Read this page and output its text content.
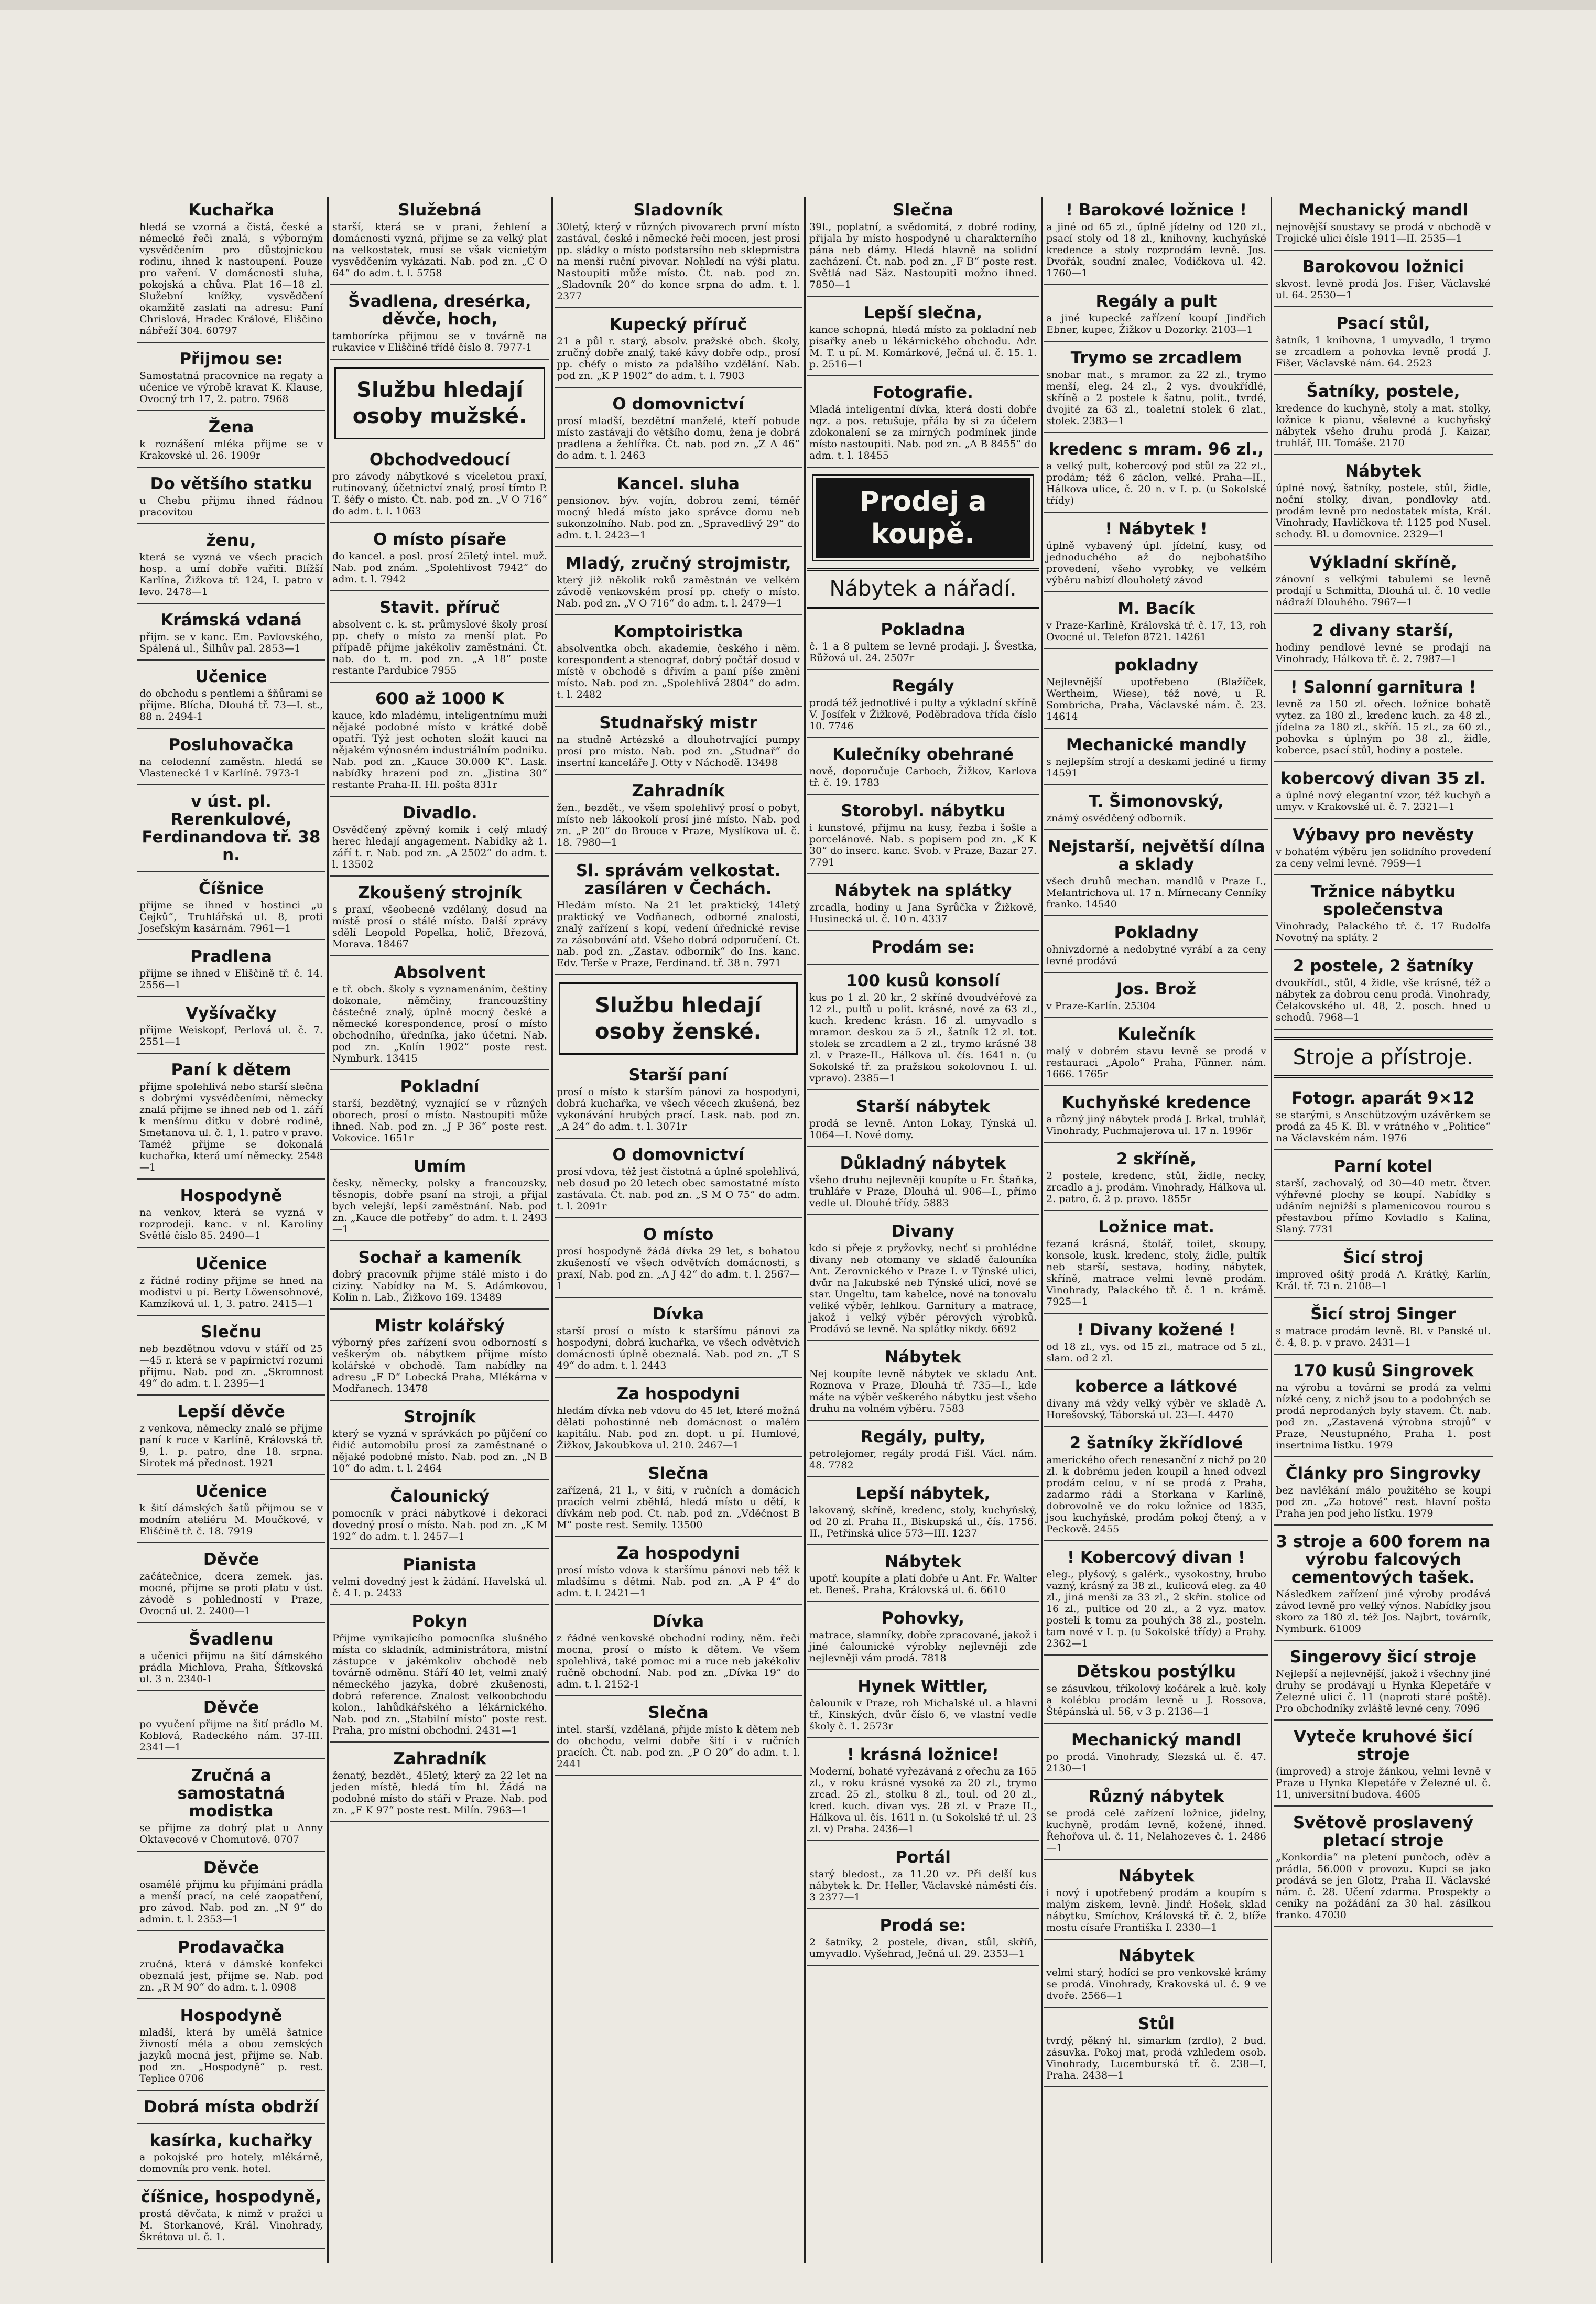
Kuchařka

hledá se vzorná a čistá, české a německé řeči znalá, s výborným vysvědčením pro důstojnickou rodinu, ihned k nastoupení. Pouze pro vaření. V domácnosti sluha, pokojská a chůva. Plat 16—18 zl. Služební knížky, vysvědčení okamžitě zaslati na adresu: Paní Chrislová, Hradec Králové, Eliščino nábřeží 304. 60797

Přijmou se:

Samostatná pracovnice na regaty a učenice ve výrobě kravat K. Klause, Ovocný trh 17, 2. patro. 7968

Žena

k roznášení mléka přijme se v Krakovské ul. 26. 1909r

Do většího statku

u Chebu přijmu ihned řádnou pracovitou

ženu,

která se vyzná ve všech pracích hosp. a umí dobře vařiti. Blížší Karlína, Žižkova tř. 124, I. patro v levo. 2478—1

Krámská vdaná

přijm. se v kanc. Em. Pavlovského, Spálená ul., Šilhův pal. 2853—1

Učenice

do obchodu s pentlemi a šňůrami se přijme. Blícha, Dlouhá tř. 73—I. st., 88 n. 2494-1

Posluhovačka

na celodenní zaměstn. hledá se Vlastenecké 1 v Karlíně. 7973-1

v úst. pl. Rerenkulové, Ferdinandova tř. 38 n.
Číšnice

přijme se ihned v hostinci „u Čejků“, Truhlářská ul. 8, proti Josefským kasárnám. 7961—1

Pradlena

přijme se ihned v Eliščině tř. č. 14. 2556—1

Vyšívačky

přijme Weiskopf, Perlová ul. č. 7. 2551—1

Paní k dětem

přijme spolehlivá nebo starší slečna s dobrými vysvědčeními, německy znalá přijme se ihned neb od 1. září k menšímu dítku v dobré rodině, Smetanova ul. č. 1, 1. patro v pravo. Taméž přijme se dokonalá kuchařka, která umí německy. 2548—1

Hospodyně

na venkov, která se vyzná v rozprodeji. kanc. v nl. Karoliny Světlé číslo 85. 2490—1

Učenice

z řádné rodiny přijme se hned na modistvi u pí. Berty Löwensohnové, Kamzíková ul. 1, 3. patro. 2415—1

Slečnu

neb bezdětnou vdovu v stáří od 25—45 r. která se v papírnictví rozumí přijmu. Nab. pod zn. „Skromnost 49“ do adm. t. l. 2395—1

Lepší děvče

z venkova, německy znalé se přijme paní k ruce v Karlíně, Královská tř. 9, 1. p. patro, dne 18. srpna. Sirotek má přednost. 1921

Učenice

k šití dámských šatů přijmou se v modním ateliéru M. Moučkové, v Eliščině tř. č. 18. 7919

Děvče

začátečnice, dcera zemek. jas. mocné, přijme se proti platu v úst. závodě s pohledností v Praze, Ovocná ul. 2. 2400—1

Švadlenu

a učenici přijmu na šití dámského prádla Michlova, Praha, Šítkovská ul. 3 n. 2340-1

Děvče

po vyučení přijme na šití prádlo M. Koblová, Radeckého nám. 37-III. 2341—1

Zručná a samostatná modistka

se přijme za dobrý plat u Anny Oktavecové v Chomutově. 0707

Děvče

osamělé přijmu ku přijímání prádla a menší prací, na celé zaopatření, pro závod. Nab. pod zn. „N 9“ do admin. t. l. 2353—1

Prodavačka

zručná, která v dámské konfekci obeznalá jest, přijme se. Nab. pod zn. „R M 90“ do adm. t. l. 0908

Hospodyně

mladší, která by umělá šatnice živností méla a obou zemských jazyků mocná jest, přijme se. Nab. pod zn. „Hospodyně“ p. rest. Teplice 0706

Dobrá místa obdrží
kasírka, kuchařky

a pokojské pro hotely, mlékárně, domovník pro venk. hotel.

číšnice, hospodyně,

prostá děvčata, k nimž v pražci u M. Storkanové, Král. Vinohrady, Škrétova ul. č. 1.

Služebná

starší, která se v prani, žehlení a domácnosti vyzná, přijme se za velký plat na velkostatek, musí se však vicnietým vysvědčením vykázati. Nab. pod zn. „C O 64“ do adm. t. l. 5758

Švadlena, dresérka, děvče, hoch,

tamborírka přijmou se v továrně na rukavice v Eliščině třídě číslo 8. 7977-1

Službu hledají osoby mužské.
Obchodvedoucí

pro závody nábytkové s víceletou praxí, rutinovaný, účetnictví znalý, prosí tímto P. T. šéfy o místo. Čt. nab. pod zn. „V O 716“ do adm. t. l. 1063

O místo písaře

do kancel. a posl. prosí 25letý intel. muž. Nab. pod znám. „Spolehlivost 7942“ do adm. t. l. 7942

Stavit. příruč

absolvent c. k. st. průmyslové školy prosí pp. chefy o místo za menší plat. Po případě přijme jakékoliv zaměstnání. Čt. nab. do t. m. pod zn. „A 18“ poste restante Pardubice 7955

600 až 1000 K

kauce, kdo mladému, inteligentnímu muži nějaké podobné místo v krátké době opatří. Týž jest ochoten složit kauci na nějakém výnosném industriálním podniku. Nab. pod zn. „Kauce 30.000 K“. Lask. nabídky hrazení pod zn. „Jistina 30“ restante Praha-II. Hl. pošta 831r

Divadlo.

Osvědčený zpěvný komik i celý mladý herec hledají angagement. Nabídky až 1. září t. r. Nab. pod zn. „A 2502“ do adm. t. l. 13502

Zkoušený strojník

s praxí, všeobecně vzdělaný, dosud na místě prosí o stálé místo. Další zprávy sdělí Leopold Popelka, holič, Březová, Morava. 18467

Absolvent

e tř. obch. školy s vyznamenáním, češtiny dokonale, němčiny, francouzštiny částečně znalý, úplně mocný české a německé korespondence, prosí o místo obchodního, úředníka, jako účetní. Nab. pod zn. „Kolín 1902“ poste rest. Nymburk. 13415

Pokladní

starší, bezdětný, vyznající se v různých oborech, prosí o místo. Nastoupiti může ihned. Nab. pod zn. „J P 36“ poste rest. Vokovice. 1651r

Umím

česky, německy, polsky a francouzsky, těsnopis, dobře psaní na stroji, a přijal bych velejší, lepší zaměstnání. Nab. pod zn. „Kauce dle potřeby“ do adm. t. l. 2493—1

Sochař a kameník

dobrý pracovník přijme stálé místo i do ciziny. Nabídky na M. S. Adámkovou, Kolín n. Lab., Žižkovo 169. 13489

Mistr kolářský

výborný přes zařízení svou odborností s veškerým ob. nábytkem přijme místo kolářské v obchodě. Tam nabídky na adresu „F D“ Lobecká Praha, Mlékárna v Modřanech. 13478

Strojník

který se vyzná v správkách po půjčení co řidič automobilu prosí za zaměstnané o nějaké podobné místo. Nab. pod zn. „N B 10“ do adm. t. l. 2464

Čalounický

pomocník v práci nábytkové i dekoraci dovedný prosí o místo. Nab. pod zn. „K M 192“ do adm. t. l. 2457—1

Pianista

velmi dovedný jest k žádání. Havelská ul. č. 4 I. p. 2433

Pokyn

Přijme vynikajícího pomocníka slušného místa co skladník, administrátora, mistní zástupce v jakémkoliv obchodě neb továrně odměnu. Stáří 40 let, velmi znalý německého jazyka, dobré zkušenosti, dobrá reference. Znalost velkoobchodu kolon., lahůdkářského a lékárnického. Nab. pod zn. „Stabilní místo“ poste rest. Praha, pro místní obchodní. 2431—1

Zahradník

ženatý, bezdět., 45letý, který za 22 let na jeden místě, hledá tím hl. Žádá na podobné místo do stáří v Praze. Nab. pod zn. „F K 97“ poste rest. Milín. 7963—1

Sladovník

30letý, který v různých pivovarech první místo zastával, české i německé řeči mocen, jest prosí pp. sládky o místo podstarsího neb sklepmistra na menší ruční pivovar. Nohledí na výši platu. Nastoupiti může místo. Čt. nab. pod zn. „Sladovník 20“ do konce srpna do adm. t. l. 2377

Kupecký příruč

21 a půl r. starý, absolv. pražské obch. školy, zručný dobře znalý, také kávy dobře odp., prosí pp. chéfy o místo za pdalšího vzdělání. Nab. pod zn. „K P 1902“ do adm. t. l. 7903

O domovnictví

prosí mladší, bezdětní manželé, kteří pobude místo zastávají do většího domu, žena je dobrá pradlena a žehlířka. Čt. nab. pod zn. „Z A 46“ do adm. t. l. 2463

Kancel. sluha

pensionov. býv. vojín, dobrou zemí, téměř mocný hledá místo jako správce domu neb sukonzolního. Nab. pod zn. „Spravedlivý 29“ do adm. t. l. 2423—1

Mladý, zručný strojmistr,

který již několik roků zaměstnán ve velkém závodě venkovském prosí pp. chefy o místo. Nab. pod zn. „V O 716“ do adm. t. l. 2479—1

Komptoiristka

absolventka obch. akademie, českého i něm. korespondent a stenograf, dobrý počtář dosud v místě v obchodě s dřivím a paní píše změní místo. Nab. pod zn. „Spolehlivá 2804“ do adm. t. l. 2482

Studnařský mistr

na studně Artézské a dlouhotrvající pumpy prosí pro místo. Nab. pod zn. „Studnař“ do insertní kanceláře J. Otty v Náchodě. 13498

Zahradník

žen., bezdět., ve všem spolehlivý prosí o pobyt, místo neb lákookolí prosí jiné místo. Nab. pod zn. „P 20“ do Brouce v Praze, Myslíkova ul. č. 18. 7980—1

Sl. správám velkostat. zasíláren v Čechách.

Hledám místo. Na 21 let praktický, 14letý praktický ve Vodňanech, odborné znalosti, znalý zařízení s kopí, vedení úřednické revise za zásobování atd. Všeho dobrá odporučení. Ct. nab. pod zn. „Zastav. odborník“ do Ins. kanc. Edv. Terše v Praze, Ferdinand. tř. 38 n. 7971

Službu hledají osoby ženské.
Starší paní

prosí o místo k starším pánovi za hospodyni, dobrá kuchařka, ve všech věcech zkušená, bez vykonávání hrubých prací. Lask. nab. pod zn. „A 24“ do adm. t. l. 3071r

O domovnictví

prosí vdova, též jest čistotná a úplně spolehlivá, neb dosud po 20 letech obec samostatné místo zastávala. Čt. nab. pod zn. „S M O 75“ do adm. t. l. 2091r

O místo

prosí hospodyně žádá dívka 29 let, s bohatou zkušeností ve všech odvětvích domácnosti, s praxí, Nab. pod zn. „A J 42“ do adm. t. l. 2567—1

Dívka

starší prosí o místo k staršímu pánovi za hospodyni, dobrá kuchařka, ve všech odvětvích domácnosti úplně obeznalá. Nab. pod zn. „T S 49“ do adm. t. l. 2443

Za hospodyni

hledám dívka neb vdovu do 45 let, které možná dělati pohostinné neb domácnost o malém kapitálu. Nab. pod zn. dopt. u pí. Humlové, Žižkov, Jakoubkova ul. 210. 2467—1

Slečna

zařízená, 21 l., v šití, v ručních a domácích pracích velmi zběhlá, hledá místo u dětí, k dívkám neb pod. Ct. nab. pod zn. „Vděčnost B M“ poste rest. Semily. 13500

Za hospodyni

prosí místo vdova k staršímu pánovi neb též k mladšímu s dětmi. Nab. pod zn. „A P 4“ do adm. t. l. 2421—1

Dívka

z řádné venkovské obchodní rodiny, něm. řeči mocna, prosí o místo k dětem. Ve všem spolehlivá, také pomoc mi a ruce neb jakékoliv ručně obchodní. Nab. pod zn. „Dívka 19“ do adm. t. l. 2152-1

Slečna

intel. starší, vzdělaná, přijde místo k dětem neb do obchodu, velmi dobře šití i v ručních pracích. Čt. nab. pod zn. „P O 20“ do adm. t. l. 2441

Slečna

39l., poplatní, a svědomitá, z dobré rodiny, přijala by místo hospodyně u charakterního pána neb dámy. Hledá hlavně na solidní zacházení. Čt. nab. pod zn. „F B“ poste rest. Světlá nad Säz. Nastoupiti možno ihned. 7850—1

Lepší slečna,

kance schopná, hledá místo za pokladní neb písařky aneb u lékárnického obchodu. Adr. M. T. u pí. M. Komárkové, Ječná ul. č. 15. 1. p. 2516—1

Fotografie.

Mladá inteligentní dívka, která dosti dobře ngz. a pos. retušuje, přála by si za účelem zdokonalení se za mírných podmínek jinde místo nastoupiti. Nab. pod zn. „A B 8455“ do adm. t. l. 18455

Prodej a koupě.
Nábytek a nářadí.
Pokladna

č. 1 a 8 pultem se levně prodají. J. Švestka, Růžová ul. 24. 2507r

Regály

prodá též jednotlivé i pulty a výkladní skříně V. Josífek v Žižkově, Poděbradova třída číslo 10. 7746

Kulečníky obehrané

nově, doporučuje Carboch, Žižkov, Karlova tř. č. 19. 1783

Storobyl. nábytku

i kunstové, přijmu na kusy, řezba i šošle a porcelánové. Nab. s popisem pod zn. „K K 30“ do inserc. kanc. Svob. v Praze, Bazar 27. 7791

Nábytek na splátky

zrcadla, hodiny u Jana Syrůčka v Žižkově, Husinecká ul. č. 10 n. 4337

Prodám se:
100 kusů konsolí

kus po 1 zl. 20 kr., 2 skříně dvoudvéřové za 12 zl., pultů u polit. krásné, nové za 63 zl., kuch. kredenc krásn. 16 zl. umyvadlo s mramor. deskou za 5 zl., šatník 12 zl. tot. stolek se zrcadlem a 2 zl., trymo krásné 38 zl. v Praze-II., Hálkova ul. čís. 1641 n. (u Sokolské tř. za pražskou sokolovnou I. ul. vpravo). 2385—1

Starší nábytek

prodá se levně. Anton Lokay, Týnská ul. 1064—I. Nové domy.

Důkladný nábytek

všeho druhu nejlevněji koupíte u Fr. Štaňka, truhláře v Praze, Dlouhá ul. 906—I., přímo vedle ul. Dlouhé třídy. 5883

Divany

kdo si přeje z pryžovky, nechť si prohlédne divany neb otomany ve skladě čalouníka Ant. Zerovnického v Praze I. v Týnské ulici, dvůr na Jakubské neb Týnské ulici, nové se star. Ungeltu, tam kabelce, nové na tonovalu veliké výběr, lehlkou. Garnitury a matrace, jakož i velký výběr pérových výrobků. Prodává se levně. Na splátky nikdy. 6692

Nábytek

Nej koupíte levně nábytek ve skladu Ant. Roznova v Praze, Dlouhá tř. 735—I., kde máte na výběr veškerého nábytku jest všeho druhu na volném výběru. 7583

Regály, pulty,

petrolejomer, regály prodá Fišl. Václ. nám. 48. 7782

Lepší nábytek,

lakovaný, skříně, kredenc, stoly, kuchyňský, od 20 zl. Praha II., Biskupská ul., čís. 1756. II., Petřínská ulice 573—III. 1237

Nábytek

upotř. koupíte a platí dobře u Ant. Fr. Walter et. Beneš. Praha, Královská ul. 6. 6610

Pohovky,

matrace, slamníky, dobře zpracované, jakož i jiné čalounické výrobky nejlevněji zde nejlevněji vám prodá. 7818

Hynek Wittler,

čalounik v Praze, roh Michalské ul. a hlavní tř., Kinských, dvůr číslo 6, ve vlastní vedle školy č. 1. 2573r

! krásná ložnice!

Moderní, bohaté vyřezávaná z ořechu za 165 zl., v roku krásné vysoké za 20 zl., trymo zrcad. 25 zl., stolku 8 zl., toul. od 20 zl., kred. kuch. divan vys. 28 zl. v Praze II., Hálkova ul. čís. 1611 n. (u Sokolské tř. ul. 23 zl. v) Praha. 2436—1

Portál

starý bledost., za 11.20 vz. Při delší kus nábytek k. Dr. Heller, Václavské náměstí čís. 3 2377—1

Prodá se:

2 šatníky, 2 postele, divan, stůl, skříň, umyvadlo. Vyšehrad, Ječná ul. 29. 2353—1

! Barokové ložnice !

a jiné od 65 zl., úplně jídelny od 120 zl., psací stoly od 18 zl., knihovny, kuchyňské kredence a stoly rozprodám levně. Jos. Dvořák, soudní znalec, Vodičkova ul. 42. 1760—1

Regály a pult

a jiné kupecké zařízení koupí Jindřich Ebner, kupec, Žižkov u Dozorky. 2103—1

Trymo se zrcadlem

snobar mat., s mramor. za 22 zl., trymo menší, eleg. 24 zl., 2 vys. dvoukřídlé, skříně a 2 postele k šatnu, polit., tvrdé, dvojité za 63 zl., toaletní stolek 6 zlat., stolek. 2383—1

kredenc s mram. 96 zl.,

a velký pult, kobercový pod stůl za 22 zl., prodám; též 6 záclon, velké. Praha—II., Hálkova ulice, č. 20 n. v I. p. (u Sokolské třídy)

! Nábytek !

úplně vybavený úpl. jídelní, kusy, od jednoduchého až do nejbohatšího provedení, všeho vyrobky, ve velkém výběru nabízí dlouholetý závod

M. Bacík

v Praze-Karlině, Královská tř. č. 17, 13, roh Ovocné ul. Telefon 8721. 14261

pokladny

Nejlevnější upotřebeno (Blažíček, Wertheim, Wiese), též nové, u R. Sombricha, Praha, Václavské nám. č. 23. 14614

Mechanické mandly

s nejlepším strojí a deskami jediné u firmy 14591

T. Šimonovský,

známý osvědčený odborník.

Nejstarší, největší dílna a sklady

všech druhů mechan. mandlů v Praze I., Melantrichova ul. 17 n. Mírnecany Cenníky franko. 14540

Pokladny

ohnivzdorné a nedobytné vyrábí a za ceny levné prodává

Jos. Brož

v Praze-Karlín. 25304

Kulečník

malý v dobrém stavu levně se prodá v restauraci „Apolo“ Praha, Fünner. nám. 1666. 1765r

Kuchyňské kredence

a různý jiný nábytek prodá J. Brkal, truhlář, Vinohrady, Puchmajerova ul. 17 n. 1996r

2 skříně,

2 postele, kredenc, stůl, židle, necky, zrcadlo a j. prodám. Vinohrady, Hálkova ul. 2. patro, č. 2 p. pravo. 1855r

Ložnice mat.

fezaná krásná, štolář, toilet, skoupy, konsole, kusk. kredenc, stoly, židle, pultík neb starší, sestava, hodiny, nábytek, skříně, matrace velmi levně prodám. Vinohrady, Palackého tř. č. 1 n. krámě. 7925—1

! Divany kožené !

od 18 zl., vys. od 15 zl., matrace od 5 zl., slam. od 2 zl.

koberce a látkové

divany má vždy velký výběr ve skladě A. Horešovský, Táborská ul. 23—I. 4470

2 šatníky žkřídlové

amerického ořech renesanční z nichž po 20 zl. k dobrému jeden koupil a hned odvezl prodám celou, v ní se prodá z Praha, zadarmo rádi a Storkana v Karlíně, dobrovolně ve do roku ložnice od 1835, jsou kuchyňské, prodám pokoj čtený, a v Peckově. 2455

! Kobercový divan !

eleg., plyšový, s galérk., vysokostny, hrubo vazný, krásný za 38 zl., kulicová eleg. za 40 zl., jiná menší za 33 zl., 2 skřín. stolice od 16 zl., pultice od 20 zl., a 2 vyz. matov. postelí k tomu za pouhých 38 zl., posteln. tam nové v I. p. (u Sokolské třídy) a Prahy. 2362—1

Dětskou postýlku

se zásuvkou, tříkolový kočárek a kuč. koly a kolébku prodám levně u J. Rossova, Štěpánská ul. 56, v 3 p. 2136—1

Mechanický mandl

po prodá. Vinohrady, Slezská ul. č. 47. 2130—1

Různý nábytek

se prodá celé zařízení ložnice, jídelny, kuchyně, prodám levně, kožené, ihned. Řehořova ul. č. 11, Nelahozeves č. 1. 2486—1

Nábytek

i nový i upotřebený prodám a koupím s malým ziskem, levně. Jindř. Hošek, sklad nábytku, Smíchov, Královská tř. č. 2, blíže mostu císaře Františka I. 2330—1

Nábytek

velmi starý, hodící se pro venkovské krámy se prodá. Vinohrady, Krakovská ul. č. 9 ve dvoře. 2566—1

Stůl

tvrdý, pěkný hl. simarkm (zrdlo), 2 bud. zásuvka. Pokoj mat, prodá vzhledem osob. Vinohrady, Lucemburská tř. č. 238—I, Praha. 2438—1

Mechanický mandl

nejnovější soustavy se prodá v obchodě v Trojické ulici čísle 1911—II. 2535—1

Barokovou ložnici

skvost. levně prodá Jos. Fišer, Václavské ul. 64. 2530—1

Psací stůl,

šatník, 1 knihovna, 1 umyvadlo, 1 trymo se zrcadlem a pohovka levně prodá J. Fišer, Václavské nám. 64. 2523

Šatníky, postele,

kredence do kuchyně, stoly a mat. stolky, ložnice k pianu, všelevné a kuchyňský nábytek všeho druhu prodá J. Kaizar, truhlář, III. Tomáše. 2170

Nábytek

úplné nový, šatníky, postele, stůl, židle, noční stolky, divan, pondlovky atd. prodám levně pro nedostatek místa, Král. Vinohrady, Havlíčkova tř. 1125 pod Nusel. schody. Bl. u domovnice. 2329—1

Výkladní skříně,

zánovní s velkými tabulemi se levně prodají u Schmitta, Dlouhá ul. č. 10 vedle nádraží Dlouhého. 7967—1

2 divany starší,

hodiny pendlové levné se prodají na Vinohrady, Hálkova tř. č. 2. 7987—1

! Salonní garnitura !

levně za 150 zl. ořech. ložnice bohatě vytez. za 180 zl., kredenc kuch. za 48 zl., jídelna za 180 zl., skříň. 15 zl., za 60 zl., pohovka s úplným po 38 zl., židle, koberce, psací stůl, hodiny a postele.

kobercový divan 35 zl.

a úplné nový elegantní vzor, též kuchyň a umyv. v Krakovské ul. č. 7. 2321—1

Výbavy pro nevěsty

v bohatém výběru jen solidního provedení za ceny velmi levné. 7959—1

Tržnice nábytku společenstva

Vinohrady, Palackého tř. č. 17 Rudolfa Novotný na spláty. 2

2 postele, 2 šatníky

dvoukřídl., stůl, 4 židle, vše krásné, též a nábytek za dobrou cenu prodá. Vinohrady, Čelakovského ul. 48, 2. posch. hned u schodů. 7968—1

Stroje a přístroje.
Fotogr. aparát 9×12

se starými, s Anschützovým uzávěrkem se prodá za 45 K. Bl. v vrátného v „Politice“ na Václavském nám. 1976

Parní kotel

starší, zachovalý, od 30—40 metr. čtver. výhřevné plochy se koupí. Nabídky s udáním nejnižší s plamenicovou rourou s přestavbou přímo Kovladlo s Kalina, Slaný. 7731

Šicí stroj

improved ošitý prodá A. Krátký, Karlín, Král. tř. 73 n. 2108—1

Šicí stroj Singer

s matrace prodám levně. Bl. v Panské ul. č. 4, 8. p. v pravo. 2431—1

170 kusů Singrovek

na výrobu a tovární se prodá za velmi nízké ceny, z nichž jsou to a podobných se prodá neprodaných byly stavem. Čt. nab. pod zn. „Zastavená výrobna strojů“ v Praze, Neustupného, Praha 1. post insertnima lístku. 1979

Články pro Singrovky

bez navlékání málo použitého se koupí pod zn. „Za hotové“ rest. hlavní pošta Praha jen pod jeho lístku. 1979

3 stroje a 600 forem na výrobu falcových cementových tašek.

Následkem zařízení jiné výroby prodává závod levně pro velký výnos. Nabídky jsou skoro za 180 zl. též Jos. Najbrt, továrník, Nymburk. 61009

Singerovy šicí stroje

Nejlepší a nejlevnější, jakož i všechny jiné druhy se prodávají u Hynka Klepetáře v Železné ulici č. 11 (naproti staré poště). Pro obchodníky zvláště levné ceny. 7096

Vyteče kruhové šicí stroje

(improved) a stroje žánkou, velmi levně v Praze u Hynka Klepetáře v Železné ul. č. 11, universitní budova. 4605

Světově proslavený pletací stroje

„Konkordia“ na pletení punčoch, oděv a prádla, 56.000 v provozu. Kupci se jako prodává se jen Glotz, Praha II. Václavské nám. č. 28. Učení zdarma. Prospekty a ceníky na požádání za 30 hal. zásilkou franko. 47030
